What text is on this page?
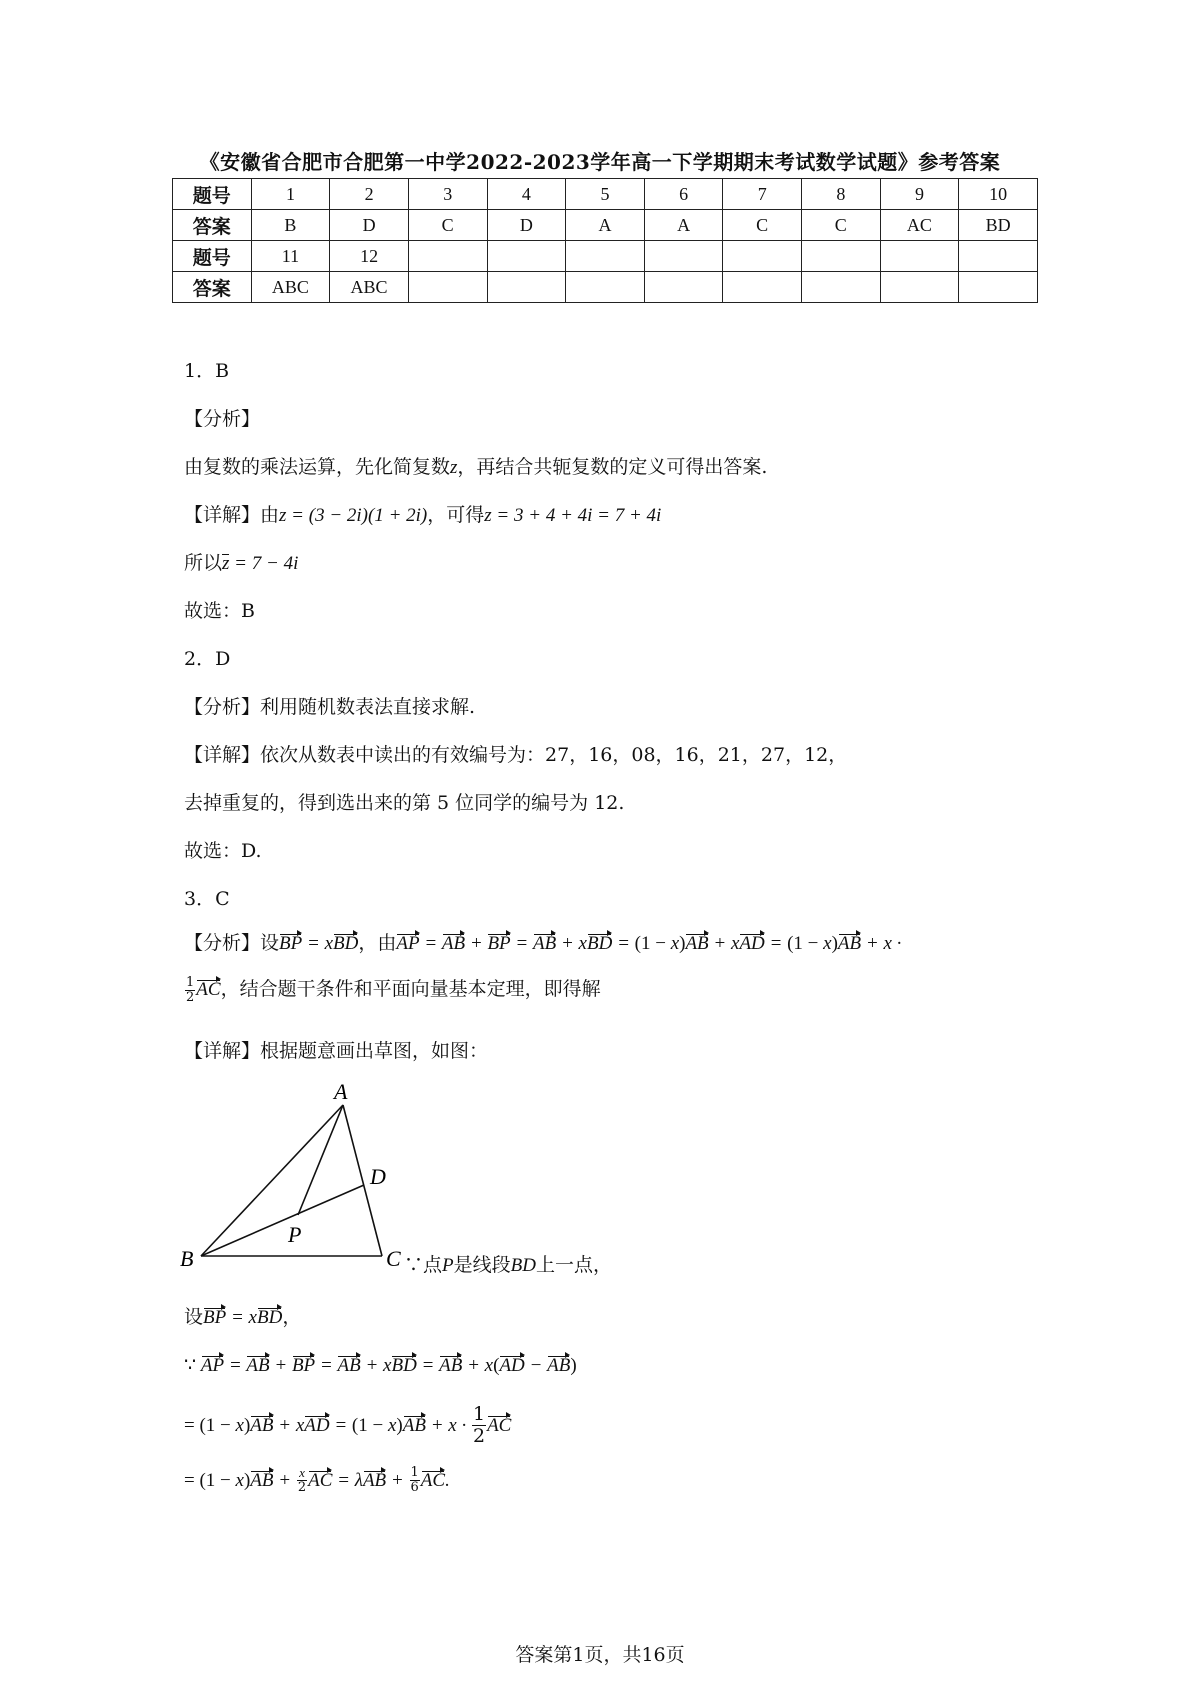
《安徽省合肥市合肥第一中学2022-2023学年高一下学期期末考试数学试题》参考答案
题号	1	2	3	4	5	6	7	8	9	10
答案	B	D	C	D	A	A	C	C	AC	BD
题号	11	12								
答案	ABC	ABC								
1．B
【分析】
由复数的乘法运算，先化简复数z，再结合共轭复数的定义可得出答案.
【详解】由z = (3 − 2i)(1 + 2i)，可得z = 3 + 4 + 4i = 7 + 4i
所以z = 7 − 4i
故选：B
2．D
【分析】利用随机数表法直接求解.
【详解】依次从数表中读出的有效编号为：27，16，08，16，21，27，12，
去掉重复的，得到选出来的第 5 位同学的编号为 12.
故选：D.
3．C
【分析】设BP = xBD，由AP = AB + BP = AB + xBD = (1 − x)AB + xAD = (1 − x)AB + x ·
$\frac{1}{2}$ AC，结合题干条件和平面向量基本定理，即得解
【详解】根据题意画出草图，如图：
A
B	C
D
P
∵点P是线段BD上一点，
设BP = xBD，
∵ AP = AB + BP = AB + xBD = AB + x(AD − AB)
= (1 − x)AB + xAD = $(1 - x)AB + x \cdot \frac{1}{2}$ AC
= $(1 - x)AB + \frac{x}{2}$ AC = $\lambda AB + \frac{1}{6}$ AC.
答案第1页，共16页
